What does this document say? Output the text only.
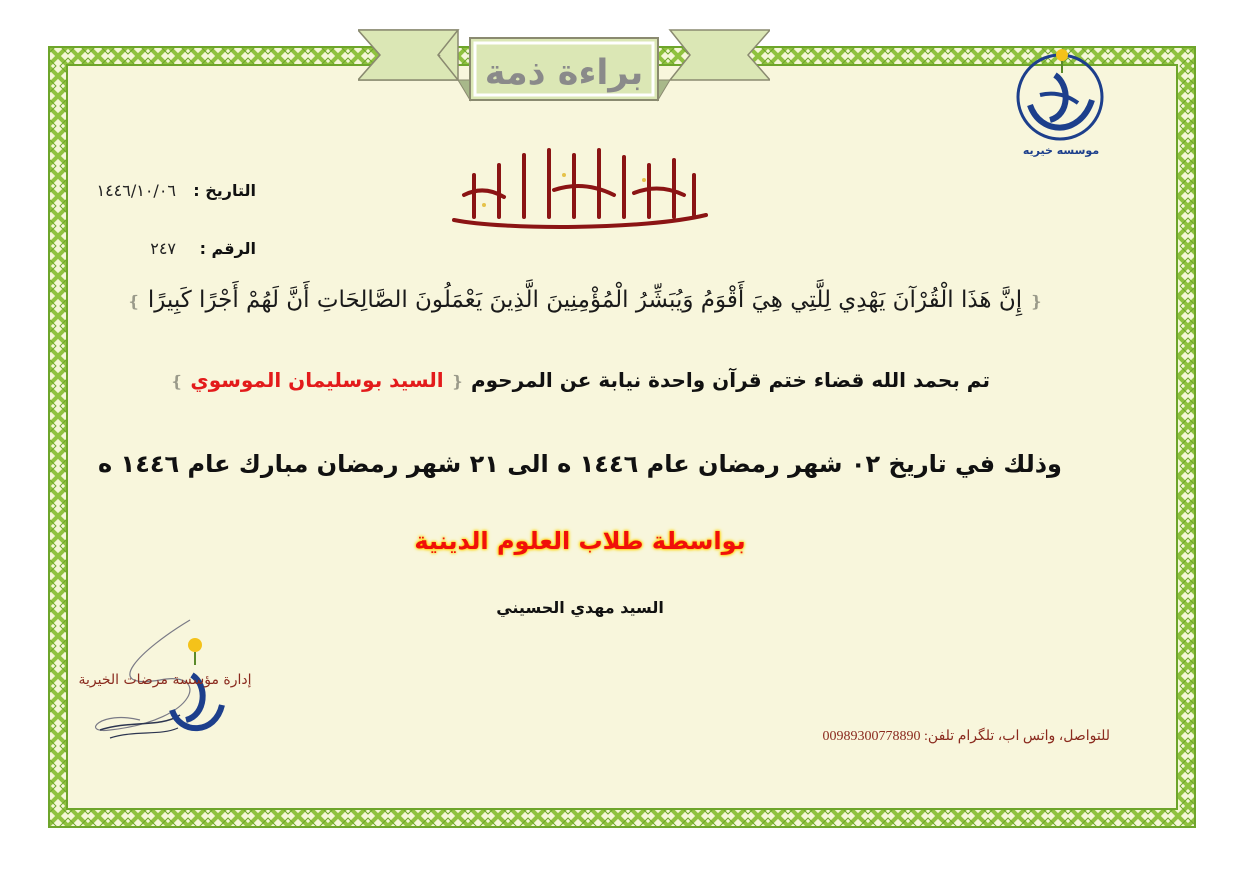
براءة ذمة
موسسه خیریه
التاريخ :
١٤٤٦/١٠/٠٦
الرقم :
٢٤٧
❴ إِنَّ هَذَا الْقُرْآنَ يَهْدِي لِلَّتِي هِيَ أَقْوَمُ وَيُبَشِّرُ الْمُؤْمِنِينَ الَّذِينَ يَعْمَلُونَ الصَّالِحَاتِ أَنَّ لَهُمْ أَجْرًا كَبِيرًا ❵
تم بحمد الله قضاء ختم قرآن واحدة نيابة عن المرحوم ❴ السيد بوسليمان الموسوي ❵
وذلك في تاريخ ٠٢ شهر رمضان عام ١٤٤٦ ه الى ٢١ شهر رمضان مبارك عام ١٤٤٦ ه
بواسطة طلاب العلوم الدينية
السيد مهدي الحسيني
إدارة مؤسسة مرضات الخيرية
للتواصل، واتس اب، تلگرام تلفن: 00989300778890
